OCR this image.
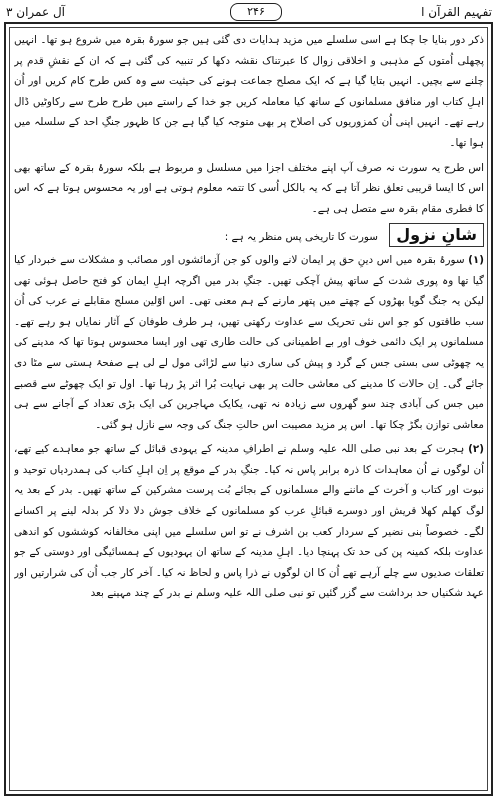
تفہیم القرآن ا
۲۴۶
آل عمران ۳

ذکر دور بنایا جا چکا ہے اسی سلسلے میں مزید ہدایات دی گئی ہیں جو سورۂ بقرہ میں شروع ہو تھا۔ انہیں پچھلی اُمتوں کے مذہبی و اخلاقی زوال کا عبرتناک نقشہ دکھا کر تنبیہ کی گئی ہے کہ ان کے نقشِ قدم پر چلنے سے بچیں۔ انہیں بتایا گیا ہے کہ ایک مصلح جماعت ہونے کی حیثیت سے وہ کس طرح کام کریں اور اُن اہلِ کتاب اور منافق مسلمانوں کے ساتھ کیا معاملہ کریں جو خدا کے راستے میں طرح طرح سے رکاوٹیں ڈال رہے تھے۔ انہیں اپنی اُن کمزوریوں کی اصلاح پر بھی متوجہ کیا گیا ہے جن کا ظہور جنگِ احد کے سلسلہ میں ہوا تھا۔

اس طرح یہ سورت نہ صرف آپ اپنے مختلف اجزا میں مسلسل و مربوط ہے بلکہ سورۂ بقرہ کے ساتھ بھی اس کا ایسا قریبی تعلق نظر آتا ہے کہ یہ بالکل اُسی کا تتمہ معلوم ہوتی ہے اور یہ محسوس ہوتا ہے کہ اس کا فطری مقام بقرہ سے متصل ہی ہے۔

شانِ نزول سورت کا تاریخی پس منظر یہ ہے :

(۱) سورۂ بقرہ میں اس دینِ حق پر ایمان لانے والوں کو جن آزمائشوں اور مصائب و مشکلات سے خبردار کیا گیا تھا وہ پوری شدت کے ساتھ پیش آچکی تھیں۔ جنگِ بدر میں اگرچہ اہلِ ایمان کو فتح حاصل ہوئی تھی لیکن یہ جنگ گویا بھڑوں کے چھتے میں پتھر مارنے کے ہم معنی تھی۔ اس اوّلین مسلح مقابلے نے عرب کی اُن سب طاقتوں کو جو اس نئی تحریک سے عداوت رکھتی تھیں، ہر طرف طوفان کے آثار نمایاں ہو رہے تھے۔ مسلمانوں پر ایک دائمی خوف اور بے اطمینانی کی حالت طاری تھی اور ایسا محسوس ہوتا تھا کہ مدینے کی یہ چھوٹی سی بستی جس کے گرد و پیش کی ساری دنیا سے لڑائی مول لے لی ہے صفحۂ ہستی سے مٹا دی جائے گی۔ اِن حالات کا مدینے کی معاشی حالت پر بھی نہایت بُرا اثر پڑ رہا تھا۔ اول تو ایک چھوٹے سے قصبے میں جس کی آبادی چند سو گھروں سے زیادہ نہ تھی، یکایک مہاجرین کی ایک بڑی تعداد کے آجانے سے ہی معاشی توازن بگڑ چکا تھا۔ اس پر مزید مصیبت اس حالتِ جنگ کی وجہ سے نازل ہو گئی۔

(۲) ہجرت کے بعد نبی صلی اللہ علیہ وسلم نے اطرافِ مدینہ کے یہودی قبائل کے ساتھ جو معاہدے کیے تھے، اُن لوگوں نے اُن معاہدات کا ذرہ برابر پاس نہ کیا۔ جنگِ بدر کے موقع پر اِن اہلِ کتاب کی ہمدردیاں توحید و نبوت اور کتاب و آخرت کے ماننے والے مسلمانوں کے بجائے بُت پرست مشرکین کے ساتھ تھیں۔ بدر کے بعد یہ لوگ کھلم کھلا قریش اور دوسرے قبائلِ عرب کو مسلمانوں کے خلاف جوش دلا دلا کر بدلہ لینے پر اکسانے لگے۔ خصوصاً بنی نضیر کے سردار کعب بن اشرف نے تو اس سلسلے میں اپنی مخالفانہ کوششوں کو اندھی عداوت بلکہ کمینہ پن کی حد تک پہنچا دیا۔ اہلِ مدینہ کے ساتھ ان یہودیوں کے ہمسائیگی اور دوستی کے جو تعلقات صدیوں سے چلے آرہے تھے اُن کا ان لوگوں نے ذرا پاس و لحاظ نہ کیا۔ آخر کار جب اُن کی شرارتیں اور عہد شکنیاں حد برداشت سے گزر گئیں تو نبی صلی اللہ علیہ وسلم نے بدر کے چند مہینے بعد
